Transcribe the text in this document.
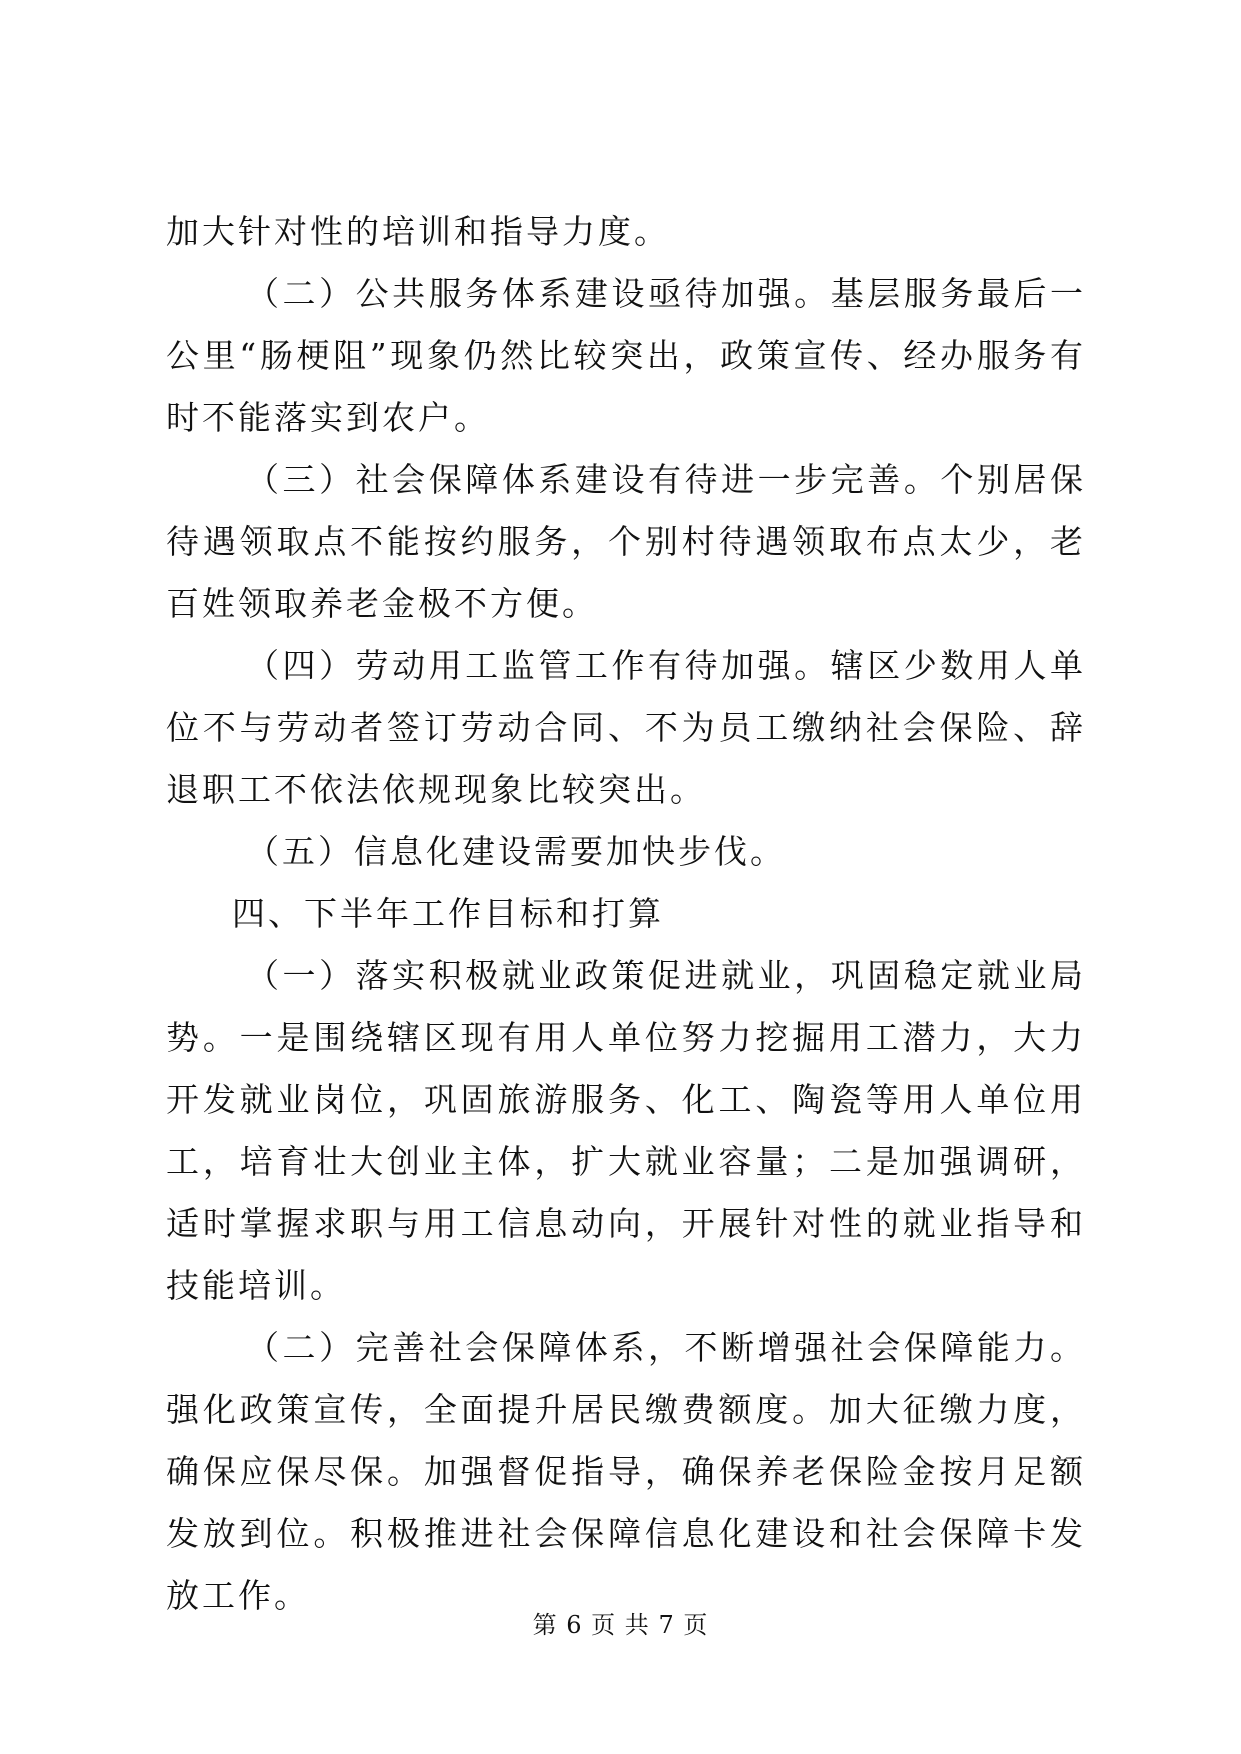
加大针对性的培训和指导力度。

（二）公共服务体系建设亟待加强。基层服务最后一公里“肠梗阻”现象仍然比较突出，政策宣传、经办服务有时不能落实到农户。

（三）社会保障体系建设有待进一步完善。个别居保待遇领取点不能按约服务，个别村待遇领取布点太少，老百姓领取养老金极不方便。

（四）劳动用工监管工作有待加强。辖区少数用人单位不与劳动者签订劳动合同、不为员工缴纳社会保险、辞退职工不依法依规现象比较突出。

（五）信息化建设需要加快步伐。

四、下半年工作目标和打算

（一）落实积极就业政策促进就业，巩固稳定就业局势。一是围绕辖区现有用人单位努力挖掘用工潜力，大力开发就业岗位，巩固旅游服务、化工、陶瓷等用人单位用工，培育壮大创业主体，扩大就业容量；二是加强调研，适时掌握求职与用工信息动向，开展针对性的就业指导和技能培训。

（二）完善社会保障体系，不断增强社会保障能力。强化政策宣传，全面提升居民缴费额度。加大征缴力度，确保应保尽保。加强督促指导，确保养老保险金按月足额发放到位。积极推进社会保障信息化建设和社会保障卡发放工作。

第 6 页 共 7 页
